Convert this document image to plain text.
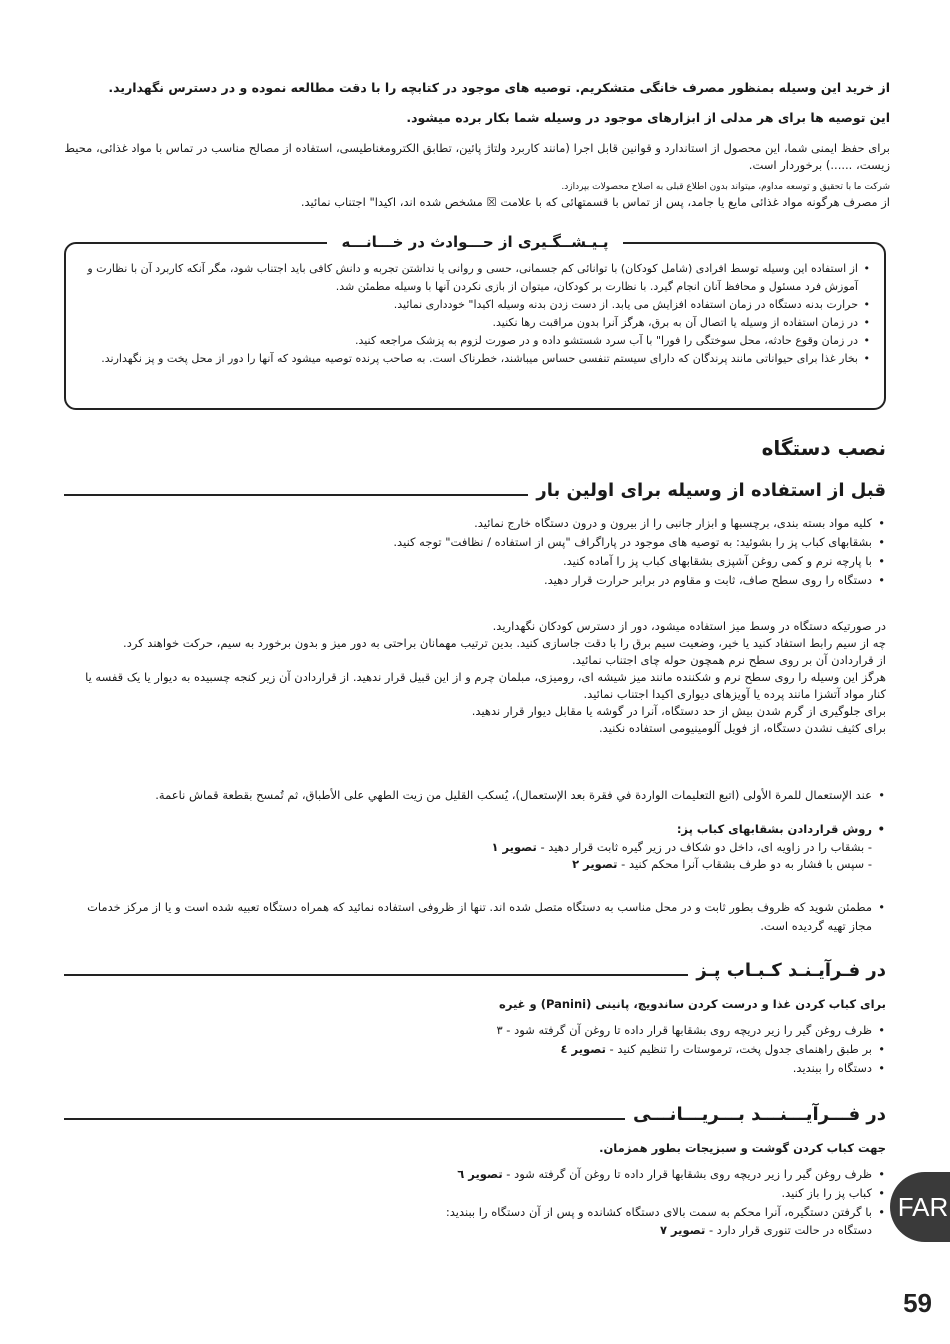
از خرید این وسیله بمنظور مصرف خانگی متشکریم. توصیه های موجود در کتابچه را با دقت مطالعه نموده و در دسترس نگهدارید.

این توصیه ها برای هر مدلی از ابزارهای موجود در وسیله شما بکار برده میشود.

برای حفظ ایمنی شما، این محصول از استاندارد و قوانین قابل اجرا (مانند کاربرد ولتاژ پائین، تطابق الکترومغناطیسی، استفاده از مصالح مناسب در تماس با مواد غذائی، محیط زیست، ......) برخوردار است.

شرکت ما با تحقیق و توسعه مداوم، میتواند بدون اطلاع قبلی به اصلاح محصولات بپردازد.

از مصرف هرگونه مواد غذائی مایع یا جامد، پس از تماس با قسمتهائی که با علامت ☒ مشخص شده اند، اکیدا" اجتناب نمائید.

پـیـشــگـیری از حـــوادث در خـــانـــه
• از استفاده این وسیله توسط افرادی (شامل کودکان) با توانائی کم جسمانی، حسی و روانی یا نداشتن تجربه و دانش کافی باید اجتناب شود، مگر آنکه کاربرد آن با نظارت و آموزش فرد مسئول و محافظ آنان انجام گیرد. با نظارت بر کودکان، میتوان از بازی نکردن آنها با وسیله مطمئن شد.
• حرارت بدنه دستگاه در زمان استفاده افزایش می یابد. از دست زدن بدنه وسیله اکیدا" خودداری نمائید.
• در زمان استفاده از وسیله یا اتصال آن به برق، هرگز آنرا بدون مراقبت رها نکنید.
• در زمان وقوع حادثه، محل سوختگی را فورا" با آب سرد شستشو داده و در صورت لزوم به پزشک مراجعه کنید.
• بخار غذا برای حیواناتی مانند پرندگان که دارای سیستم تنفسی حساس میباشند، خطرناک است. به صاحب پرنده توصیه میشود که آنها را دور از محل پخت و پز نگهدارند.

نصب دستگاه

قبل از استفاده از وسیله برای اولین بار
• کلیه مواد بسته بندی، برچسبها و ابزار جانبی را از بیرون و درون دستگاه خارج نمائید.
• بشقابهای کباب پز را بشوئید: به توصیه های موجود در پاراگراف "پس از استفاده / نظافت" توجه کنید.
• با پارچه نرم و کمی روغن آشپزی بشقابهای کباب پز را آماده کنید.
• دستگاه را روی سطح صاف، ثابت و مقاوم در برابر حرارت قرار دهید.

در صورتیکه دستگاه در وسط میز استفاده میشود، دور از دسترس کودکان نگهدارید.

چه از سیم رابط استفاد کنید یا خیر، وضعیت سیم برق را با دقت جاسازی کنید. بدین ترتیب مهمانان براحتی به دور میز و بدون برخورد به سیم، حرکت خواهند کرد.

از قراردادن آن بر روی سطح نرم همچون حوله چای اجتناب نمائید.

هرگز این وسیله را روی سطح نرم و شکننده مانند میز شیشه ای، رومیزی، مبلمان چرم و از این قبیل قرار ندهید. از قراردادن آن زیر کنجه چسبیده به دیوار یا یک قفسه یا کنار مواد آتشزا مانند پرده یا آویزهای دیواری اکیدا اجتناب نمائید.

برای جلوگیری از گرم شدن بیش از حد دستگاه، آنرا در گوشه یا مقابل دیوار قرار ندهید.

برای کثیف نشدن دستگاه، از فویل آلومینیومی استفاده نکنید.

• عند الإستعمال للمرة الأولى (اتبع التعليمات الواردة في فقرة بعد الإستعمال)، يُسكب القليل من زيت الطهي على الأطباق، ثم تُمسح بقطعة قماش ناعمة.
• روش قراردادن بشقابهای کباب پز:

- بشقاب را در زاویه ای، داخل دو شکاف در زیر گیره ثابت قرار دهید - تصویر ۱

- سپس با فشار به دو طرف بشقاب آنرا محکم کنید - تصویر ۲

• مطمئن شوید که ظروف بطور ثابت و در محل مناسب به دستگاه متصل شده اند. تنها از ظروفی استفاده نمائید که همراه دستگاه تعبیه شده است و یا از مرکز خدمات مجاز تهیه گردیده است.
در فـرآیـنـد کـبـاب پـز

برای کباب کردن غذا و درست کردن ساندویچ، پانینی (Panini) و غیره

• ظرف روغن گیر را زیر دریچه روی بشقابها قرار داده تا روغن آن گرفته شود - ۳
• بر طبق راهنمای جدول پخت، ترموستات را تنظیم کنید - تصویر ٤
• دستگاه را ببندید.
در فـــرآیـــنـــد بـــریـــانـــی

جهت کباب کردن گوشت و سبزیجات بطور همزمان.

• ظرف روغن گیر را زیر دریچه روی بشقابها قرار داده تا روغن آن گرفته شود - تصویر ٦
• کباب پز را باز کنید.
• با گرفتن دستگیره، آنرا محکم به سمت بالای دستگاه کشانده و پس از آن دستگاه را ببندید:

دستگاه در حالت تنوری قرار دارد - تصویر ۷

FAR
59
